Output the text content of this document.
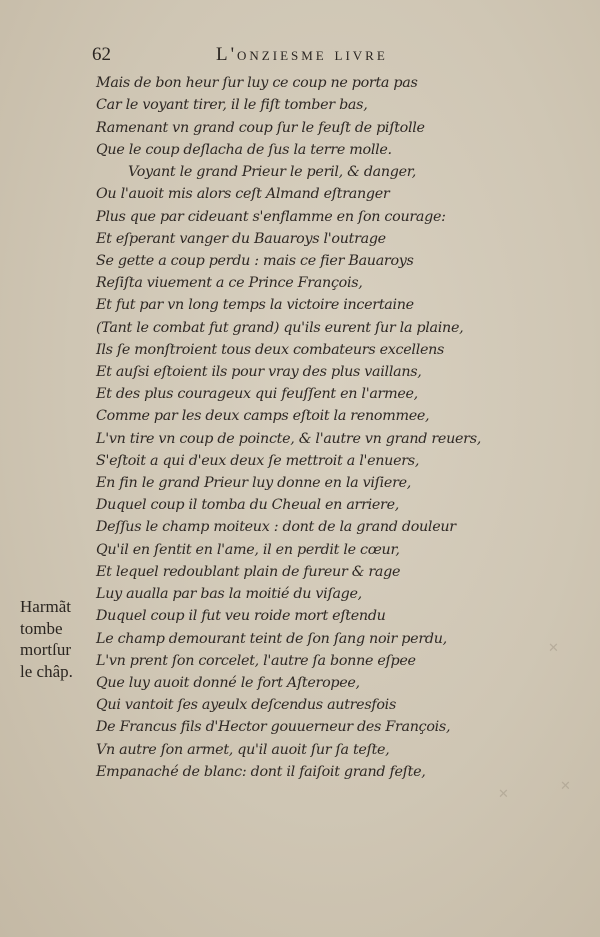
62	L'onziesme livre

Mais de bon heur ſur luy ce coup ne porta pas

Car le voyant tirer, il le fiſt tomber bas,

Ramenant vn grand coup ſur le feuſt de piſtolle

Que le coup deſlacha de ſus la terre molle.

Voyant le grand Prieur le peril, & danger,

Ou l'auoit mis alors ceſt Almand eſtranger

Plus que par cideuant s'enflamme en ſon courage:

Et eſperant vanger du Bauaroys l'outrage

Se gette a coup perdu : mais ce fier Bauaroys

Reſiſta viuement a ce Prince François,

Et fut par vn long temps la victoire incertaine

(Tant le combat fut grand) qu'ils eurent ſur la plaine,

Ils ſe monſtroient tous deux combateurs excellens

Et auſsi eſtoient ils pour vray des plus vaillans,

Et des plus courageux qui feuſſent en l'armee,

Comme par les deux camps eſtoit la renommee,

L'vn tire vn coup de poincte, & l'autre vn grand reuers,

S'eſtoit a qui d'eux deux ſe mettroit a l'enuers,

En fin le grand Prieur luy donne en la viſiere,

Duquel coup il tomba du Cheual en arriere,

Deſſus le champ moiteux : dont de la grand douleur

Qu'il en ſentit en l'ame, il en perdit le cœur,

Et lequel redoublant plain de fureur & rage

Luy aualla par bas la moitié du viſage,

Duquel coup il fut veu roide mort eſtendu

Le champ demourant teint de ſon ſang noir perdu,

L'vn prent ſon corcelet, l'autre ſa bonne eſpee

Que luy auoit donné le fort Aſteropee,

Qui vantoit ſes ayeulx deſcendus autresfois

De Francus fils d'Hector gouuerneur des François,

Vn autre ſon armet, qu'il auoit ſur ſa teſte,

Empanaché de blanc: dont il faiſoit grand feſte,

Harmãt
tombe
mortſur
le châp.
✕
✕
✕
